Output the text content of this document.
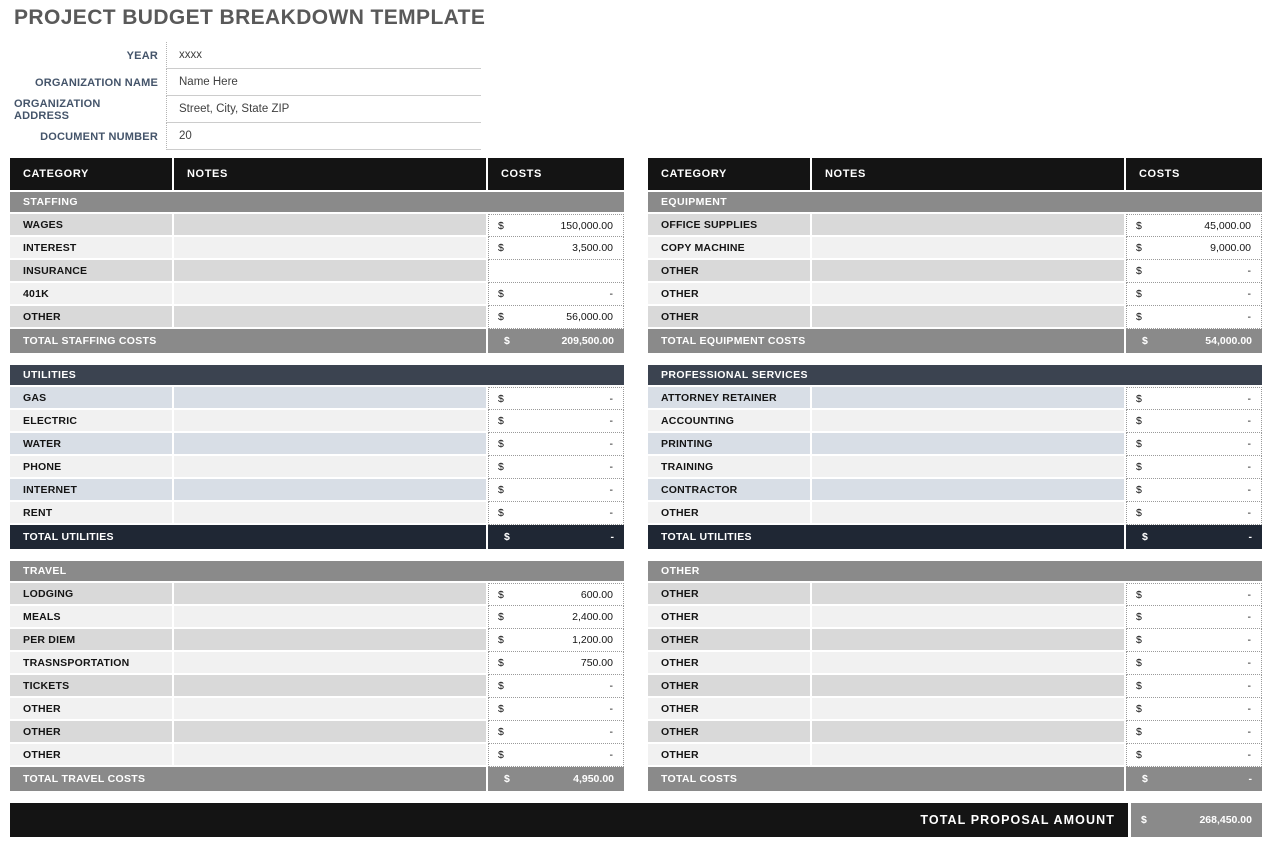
PROJECT BUDGET BREAKDOWN TEMPLATE
YEAR	xxxx
ORGANIZATION NAME	Name Here
ORGANIZATION ADDRESS
Street, City, State ZIP
DOCUMENT NUMBER	20
CATEGORY	NOTES	COSTS
STAFFING
WAGES	$	150,000.00
INTEREST	$	3,500.00
INSURANCE
401K	$	-
OTHER	$	56,000.00
TOTAL STAFFING COSTS	$	209,500.00
UTILITIES
GAS	$	-
ELECTRIC	$	-
WATER	$	-
PHONE	$	-
INTERNET	$	-
RENT	$	-
TOTAL UTILITIES	$	-
TRAVEL
LODGING	$	600.00
MEALS	$	2,400.00
PER DIEM	$	1,200.00
TRASNSPORTATION	$	750.00
TICKETS	$	-
OTHER	$	-
OTHER	$	-
OTHER	$	-
TOTAL TRAVEL COSTS	$	4,950.00
CATEGORY	NOTES	COSTS
EQUIPMENT
OFFICE SUPPLIES	$	45,000.00
COPY MACHINE	$	9,000.00
OTHER	$	-
OTHER	$	-
OTHER	$	-
TOTAL EQUIPMENT COSTS	$	54,000.00
PROFESSIONAL SERVICES
ATTORNEY RETAINER	$	-
ACCOUNTING	$	-
PRINTING	$	-
TRAINING	$	-
CONTRACTOR	$	-
OTHER	$	-
TOTAL UTILITIES	$	-
OTHER
OTHER	$	-
OTHER	$	-
OTHER	$	-
OTHER	$	-
OTHER	$	-
OTHER	$	-
OTHER	$	-
OTHER	$	-
TOTAL COSTS	$	-
TOTAL PROPOSAL AMOUNT	$	268,450.00
